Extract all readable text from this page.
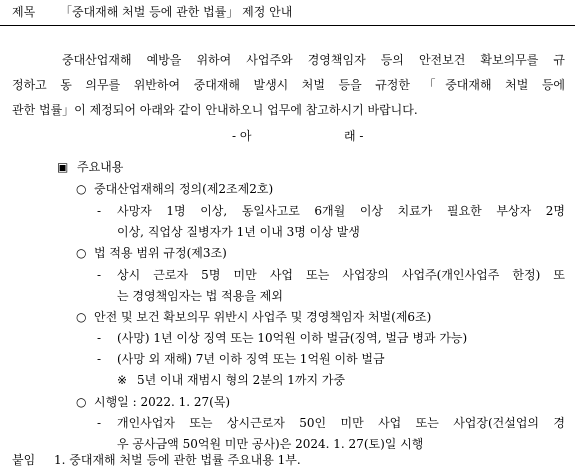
제목 「중대재해 처벌 등에 관한 법률」 제정 안내
중대산업재해 예방을 위하여 사업주와 경영책임자 등의 안전보건 확보의무를 규
정하고 동 의무를 위반하여 중대재해 발생시 처벌 등을 규정한 「중대재해 처벌 등에
관한 법률」이 제정되어 아래와 같이 안내하오니 업무에 참고하시기 바랍니다.
- 아	래 -
▣ 주요내용
○ 중대산업재해의 정의(제2조제2호)
- 사망자 1명 이상, 동일사고로 6개월 이상 치료가 필요한 부상자 2명
이상, 직업상 질병자가 1년 이내 3명 이상 발생
○ 법 적용 범위 규정(제3조)
- 상시 근로자 5명 미만 사업 또는 사업장의 사업주(개인사업주 한정) 또
는 경영책임자는 법 적용을 제외
○ 안전 및 보건 확보의무 위반시 사업주 및 경영책임자 처벌(제6조)
- (사망) 1년 이상 징역 또는 10억원 이하 벌금(징역, 벌금 병과 가능)
- (사망 외 재해) 7년 이하 징역 또는 1억원 이하 벌금
※ 5년 이내 재범시 형의 2분의 1까지 가중
○ 시행일 : 2022. 1. 27(목)
- 개인사업자 또는 상시근로자 50인 미만 사업 또는 사업장(건설업의 경
우 공사금액 50억원 미만 공사)은 2024. 1. 27(토)일 시행
붙임 1. 중대재해 처벌 등에 관한 법률 주요내용 1부.
